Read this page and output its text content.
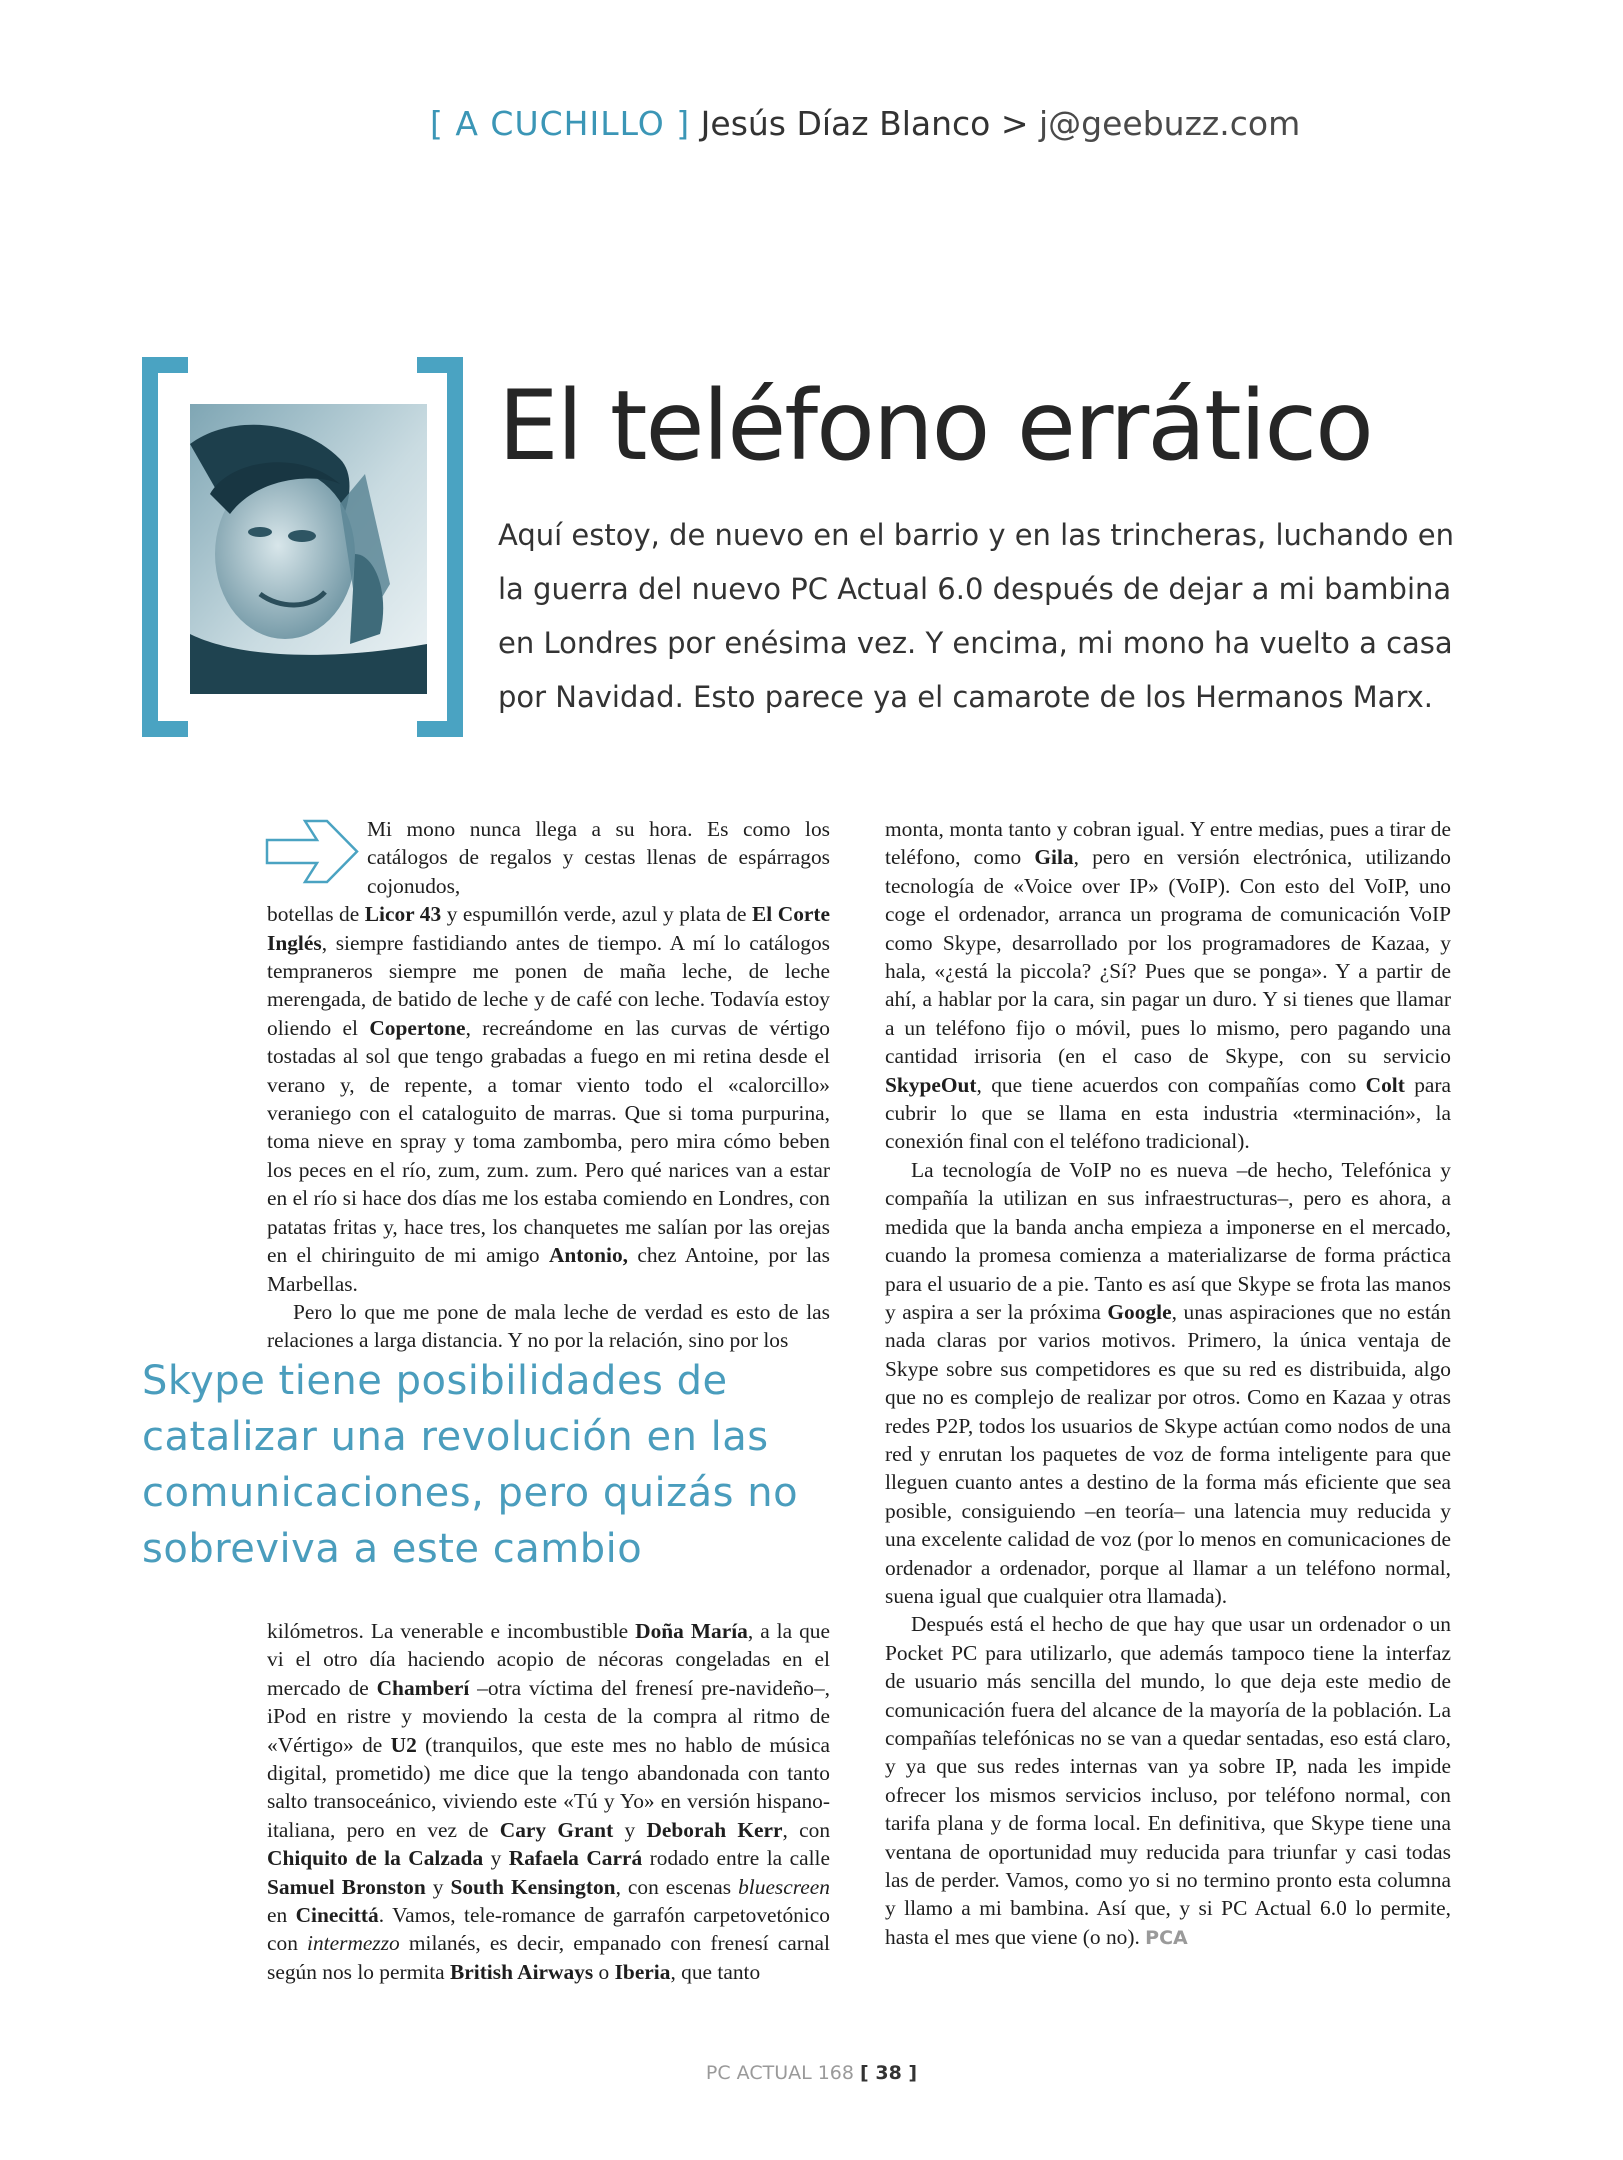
[ A CUCHILLO ] Jesús Díaz Blanco > j@geebuzz.com
El teléfono errático
Aquí estoy, de nuevo en el barrio y en las trincheras, luchando en la guerra del nuevo PC Actual 6.0 después de dejar a mi bambina en Londres por enésima vez. Y encima, mi mono ha vuelto a casa por Navidad. Esto parece ya el camarote de los Hermanos Marx.

Mi mono nunca llega a su hora. Es como los catálogos de regalos y cestas llenas de espárragos cojonudos,

botellas de Licor 43 y espumillón verde, azul y plata de El Corte Inglés, siempre fastidiando antes de tiempo. A mí lo catálogos tempraneros siempre me ponen de maña leche, de leche merengada, de batido de leche y de café con leche. Todavía estoy oliendo el Copertone, recreándome en las curvas de vértigo tostadas al sol que tengo grabadas a fuego en mi retina desde el verano y, de repente, a tomar viento todo el «calorcillo» veraniego con el cataloguito de marras. Que si toma purpurina, toma nieve en spray y toma zambomba, pero mira cómo beben los peces en el río, zum, zum. zum. Pero qué narices van a estar en el río si hace dos días me los estaba comiendo en Londres, con patatas fritas y, hace tres, los chanquetes me salían por las orejas en el chiringuito de mi amigo Antonio, chez Antoine, por las Marbellas.

Pero lo que me pone de mala leche de verdad es esto de las relaciones a larga distancia. Y no por la relación, sino por los

Skype tiene posibilidades de catalizar una revolución en las comunicaciones, pero quizás no sobreviva a este cambio

kilómetros. La venerable e incombustible Doña María, a la que vi el otro día haciendo acopio de nécoras congeladas en el mercado de Chamberí –otra víctima del frenesí pre-navideño–, iPod en ristre y moviendo la cesta de la compra al ritmo de «Vértigo» de U2 (tranquilos, que este mes no hablo de música digital, prometido) me dice que la tengo abandonada con tanto salto transoceánico, viviendo este «Tú y Yo» en versión hispano-italiana, pero en vez de Cary Grant y Deborah Kerr, con Chiquito de la Calzada y Rafaela Carrá rodado entre la calle Samuel Bronston y South Kensington, con escenas bluescreen en Cinecittá. Vamos, tele-romance de garrafón carpetovetónico con intermezzo milanés, es decir, empanado con frenesí carnal según nos lo permita British Airways o Iberia, que tanto

monta, monta tanto y cobran igual. Y entre medias, pues a tirar de teléfono, como Gila, pero en versión electrónica, utilizando tecnología de «Voice over IP» (VoIP). Con esto del VoIP, uno coge el ordenador, arranca un programa de comunicación VoIP como Skype, desarrollado por los programadores de Kazaa, y hala, «¿está la piccola? ¿Sí? Pues que se ponga». Y a partir de ahí, a hablar por la cara, sin pagar un duro. Y si tienes que llamar a un teléfono fijo o móvil, pues lo mismo, pero pagando una cantidad irrisoria (en el caso de Skype, con su servicio SkypeOut, que tiene acuerdos con compañías como Colt para cubrir lo que se llama en esta industria «terminación», la conexión final con el teléfono tradicional).

La tecnología de VoIP no es nueva –de hecho, Telefónica y compañía la utilizan en sus infraestructuras–, pero es ahora, a medida que la banda ancha empieza a imponerse en el mercado, cuando la promesa comienza a materializarse de forma práctica para el usuario de a pie. Tanto es así que Skype se frota las manos y aspira a ser la próxima Google, unas aspiraciones que no están nada claras por varios motivos. Primero, la única ventaja de Skype sobre sus competidores es que su red es distribuida, algo que no es complejo de realizar por otros. Como en Kazaa y otras redes P2P, todos los usuarios de Skype actúan como nodos de una red y enrutan los paquetes de voz de forma inteligente para que lleguen cuanto antes a destino de la forma más eficiente que sea posible, consiguiendo –en teoría– una latencia muy reducida y una excelente calidad de voz (por lo menos en comunicaciones de ordenador a ordenador, porque al llamar a un teléfono normal, suena igual que cualquier otra llamada).

Después está el hecho de que hay que usar un ordenador o un Pocket PC para utilizarlo, que además tampoco tiene la interfaz de usuario más sencilla del mundo, lo que deja este medio de comunicación fuera del alcance de la mayoría de la población. La compañías telefónicas no se van a quedar sentadas, eso está claro, y ya que sus redes internas van ya sobre IP, nada les impide ofrecer los mismos servicios incluso, por teléfono normal, con tarifa plana y de forma local. En definitiva, que Skype tiene una ventana de oportunidad muy reducida para triunfar y casi todas las de perder. Vamos, como yo si no termino pronto esta columna y llamo a mi bambina. Así que, y si PC Actual 6.0 lo permite, hasta el mes que viene (o no). PCA

PC ACTUAL 168 [ 38 ]
